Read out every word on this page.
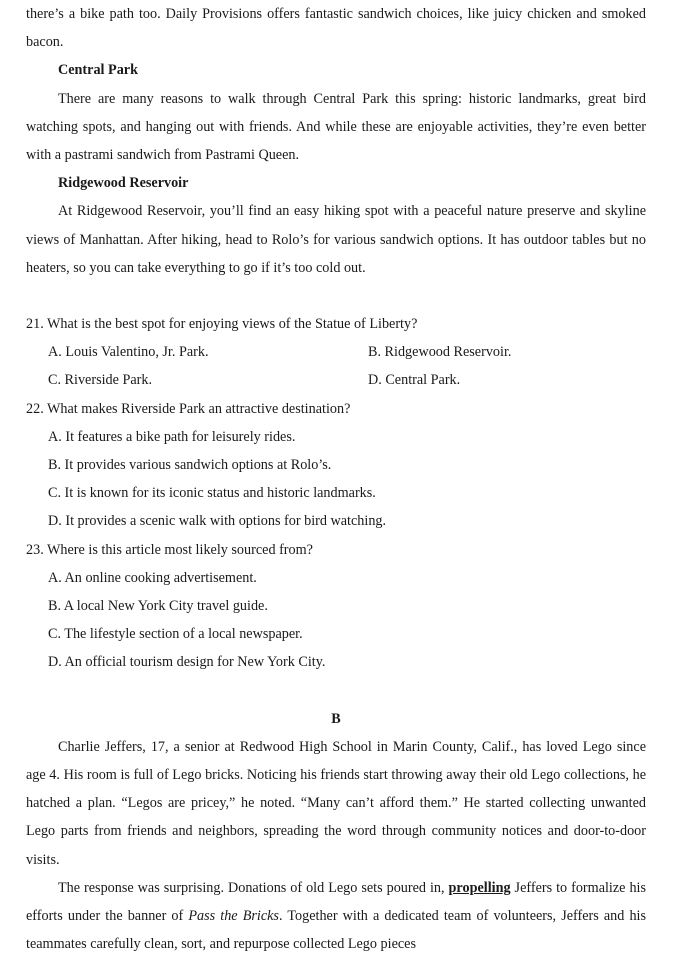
there’s a bike path too. Daily Provisions offers fantastic sandwich choices, like juicy chicken and smoked bacon.

Central Park

There are many reasons to walk through Central Park this spring: historic landmarks, great bird watching spots, and hanging out with friends. And while these are enjoyable activities, they’re even better with a pastrami sandwich from Pastrami Queen.

Ridgewood Reservoir

At Ridgewood Reservoir, you’ll find an easy hiking spot with a peaceful nature preserve and skyline views of Manhattan. After hiking, head to Rolo’s for various sandwich options. It has outdoor tables but no heaters, so you can take everything to go if it’s too cold out.

21. What is the best spot for enjoying views of the Statue of Liberty?

A. Louis Valentino, Jr. Park.	B. Ridgewood Reservoir.
C. Riverside Park.	D. Central Park.

22. What makes Riverside Park an attractive destination?

A. It features a bike path for leisurely rides.
B. It provides various sandwich options at Rolo’s.
C. It is known for its iconic status and historic landmarks.
D. It provides a scenic walk with options for bird watching.

23. Where is this article most likely sourced from?

A. An online cooking advertisement.
B. A local New York City travel guide.
C. The lifestyle section of a local newspaper.
D. An official tourism design for New York City.
B

Charlie Jeffers, 17, a senior at Redwood High School in Marin County, Calif., has loved Lego since age 4. His room is full of Lego bricks. Noticing his friends start throwing away their old Lego collections, he hatched a plan. “Legos are pricey,” he noted. “Many can’t afford them.” He started collecting unwanted Lego parts from friends and neighbors, spreading the word through community notices and door-to-door visits.

The response was surprising. Donations of old Lego sets poured in, propelling Jeffers to formalize his efforts under the banner of Pass the Bricks. Together with a dedicated team of volunteers, Jeffers and his teammates carefully clean, sort, and repurpose collected Lego pieces
